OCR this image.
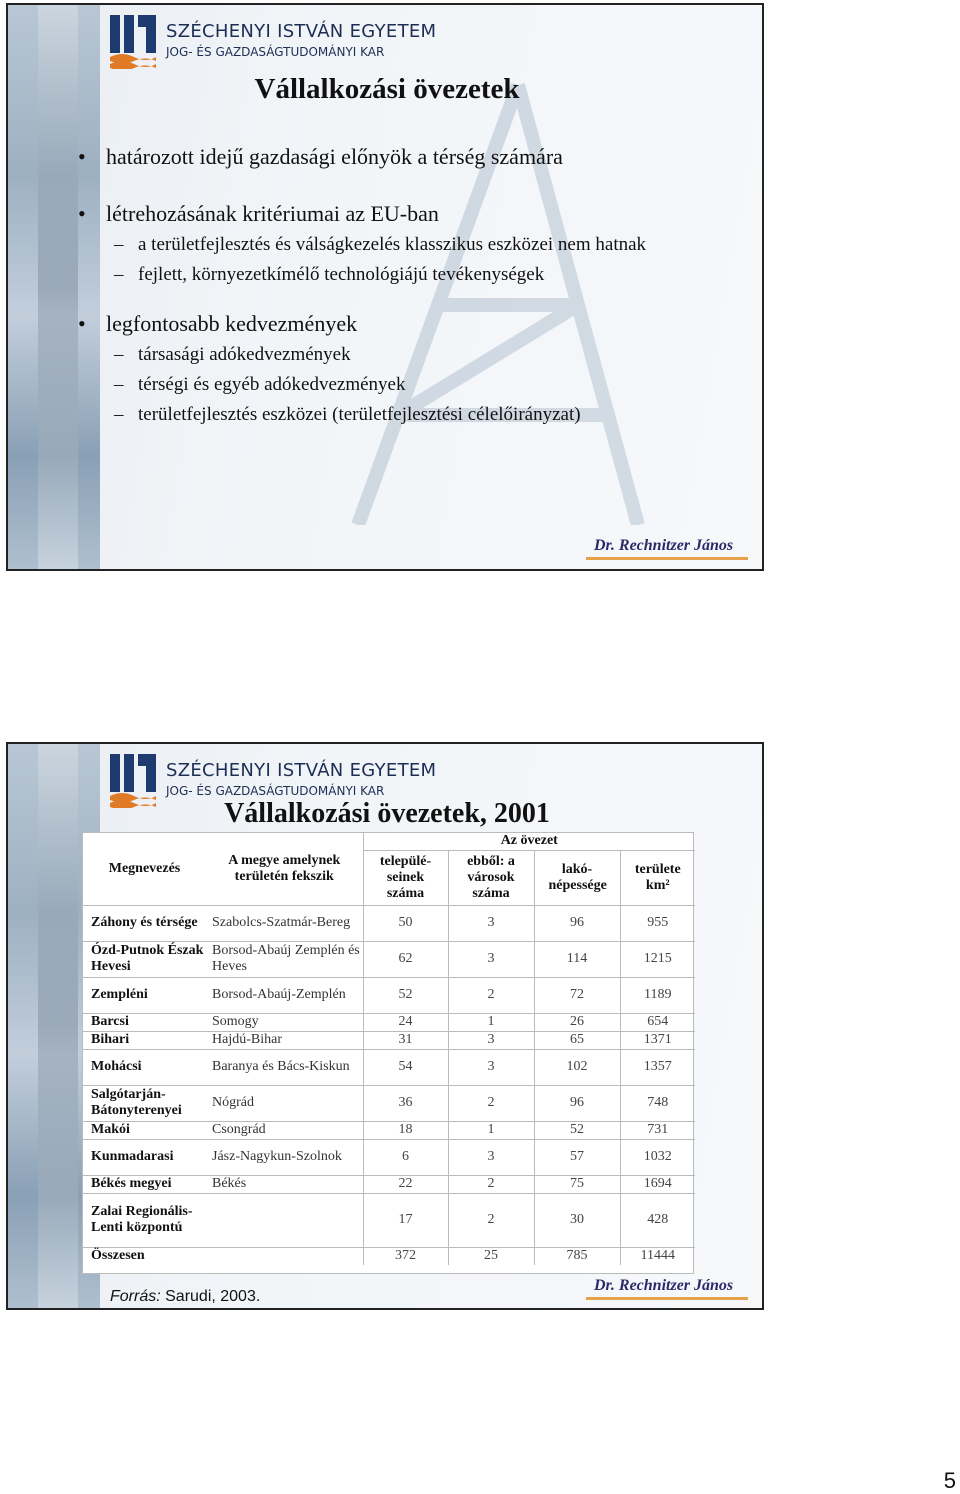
SZÉCHENYI ISTVÁN EGYETEM
JOG- ÉS GAZDASÁGTUDOMÁNYI KAR
Vállalkozási övezetek
• határozott idejű gazdasági előnyök a térség számára
• létrehozásának kritériumai az EU-ban
– a területfejlesztés és válságkezelés klasszikus eszközei nem hatnak
– fejlett, környezetkímélő technológiájú tevékenységek
• legfontosabb kedvezmények
– társasági adókedvezmények
– térségi és egyéb adókedvezmények
– területfejlesztés eszközei (területfejlesztési célelőirányzat)
Dr. Rechnitzer János
SZÉCHENYI ISTVÁN EGYETEM
JOG- ÉS GAZDASÁGTUDOMÁNYI KAR
Vállalkozási övezetek, 2001
Megnevezés	A megye amelynek területén fekszik	Az övezet			
		települé-seinek száma	ebből: a városok száma	lakó-népessége	területe km²
Záhony és térsége	Szabolcs-Szatmár-Bereg	50	3	96	955
Ózd-Putnok Észak Hevesi	Borsod-Abaúj Zemplén és Heves	62	3	114	1215
Zempléni	Borsod-Abaúj-Zemplén	52	2	72	1189
Barcsi	Somogy	24	1	26	654
Bihari	Hajdú-Bihar	31	3	65	1371
Mohácsi	Baranya és Bács-Kiskun	54	3	102	1357
Salgótarján-Bátonyterenyei	Nógrád	36	2	96	748
Makói	Csongrád	18	1	52	731
Kunmadarasi	Jász-Nagykun-Szolnok	6	3	57	1032
Békés megyei	Békés	22	2	75	1694
Zalai Regionális-Lenti központú		17	2	30	428
Összesen		372	25	785	11444
Forrás: Sarudi, 2003.
Dr. Rechnitzer János
5
